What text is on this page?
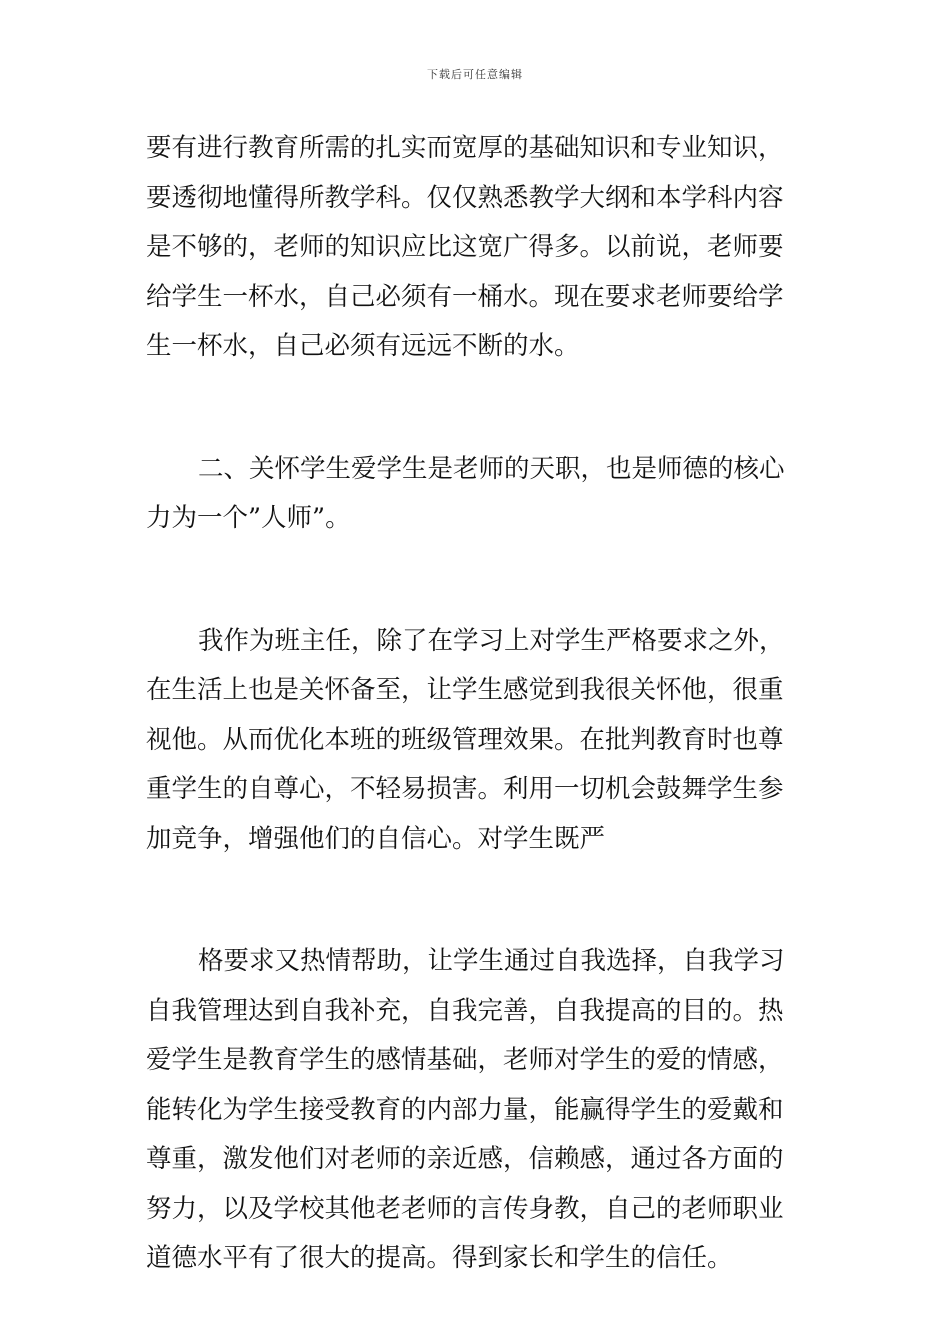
下载后可任意编辑
要有进行教育所需的扎实而宽厚的基础知识和专业知识，
要透彻地懂得所教学科。仅仅熟悉教学大纲和本学科内容
是不够的，老师的知识应比这宽广得多。以前说，老师要
给学生一杯水，自己必须有一桶水。现在要求老师要给学
生一杯水，自己必须有远远不断的水。
二、关怀学生爱学生是老师的天职，也是师德的核心
力为一个”人师”。
我作为班主任，除了在学习上对学生严格要求之外，
在生活上也是关怀备至，让学生感觉到我很关怀他，很重
视他。从而优化本班的班级管理效果。在批判教育时也尊
重学生的自尊心，不轻易损害。利用一切机会鼓舞学生参
加竞争，增强他们的自信心。对学生既严
格要求又热情帮助，让学生通过自我选择，自我学习
自我管理达到自我补充，自我完善，自我提高的目的。热
爱学生是教育学生的感情基础，老师对学生的爱的情感，
能转化为学生接受教育的内部力量，能赢得学生的爱戴和
尊重，激发他们对老师的亲近感，信赖感，通过各方面的
努力，以及学校其他老老师的言传身教，自己的老师职业
道德水平有了很大的提高。得到家长和学生的信任。
